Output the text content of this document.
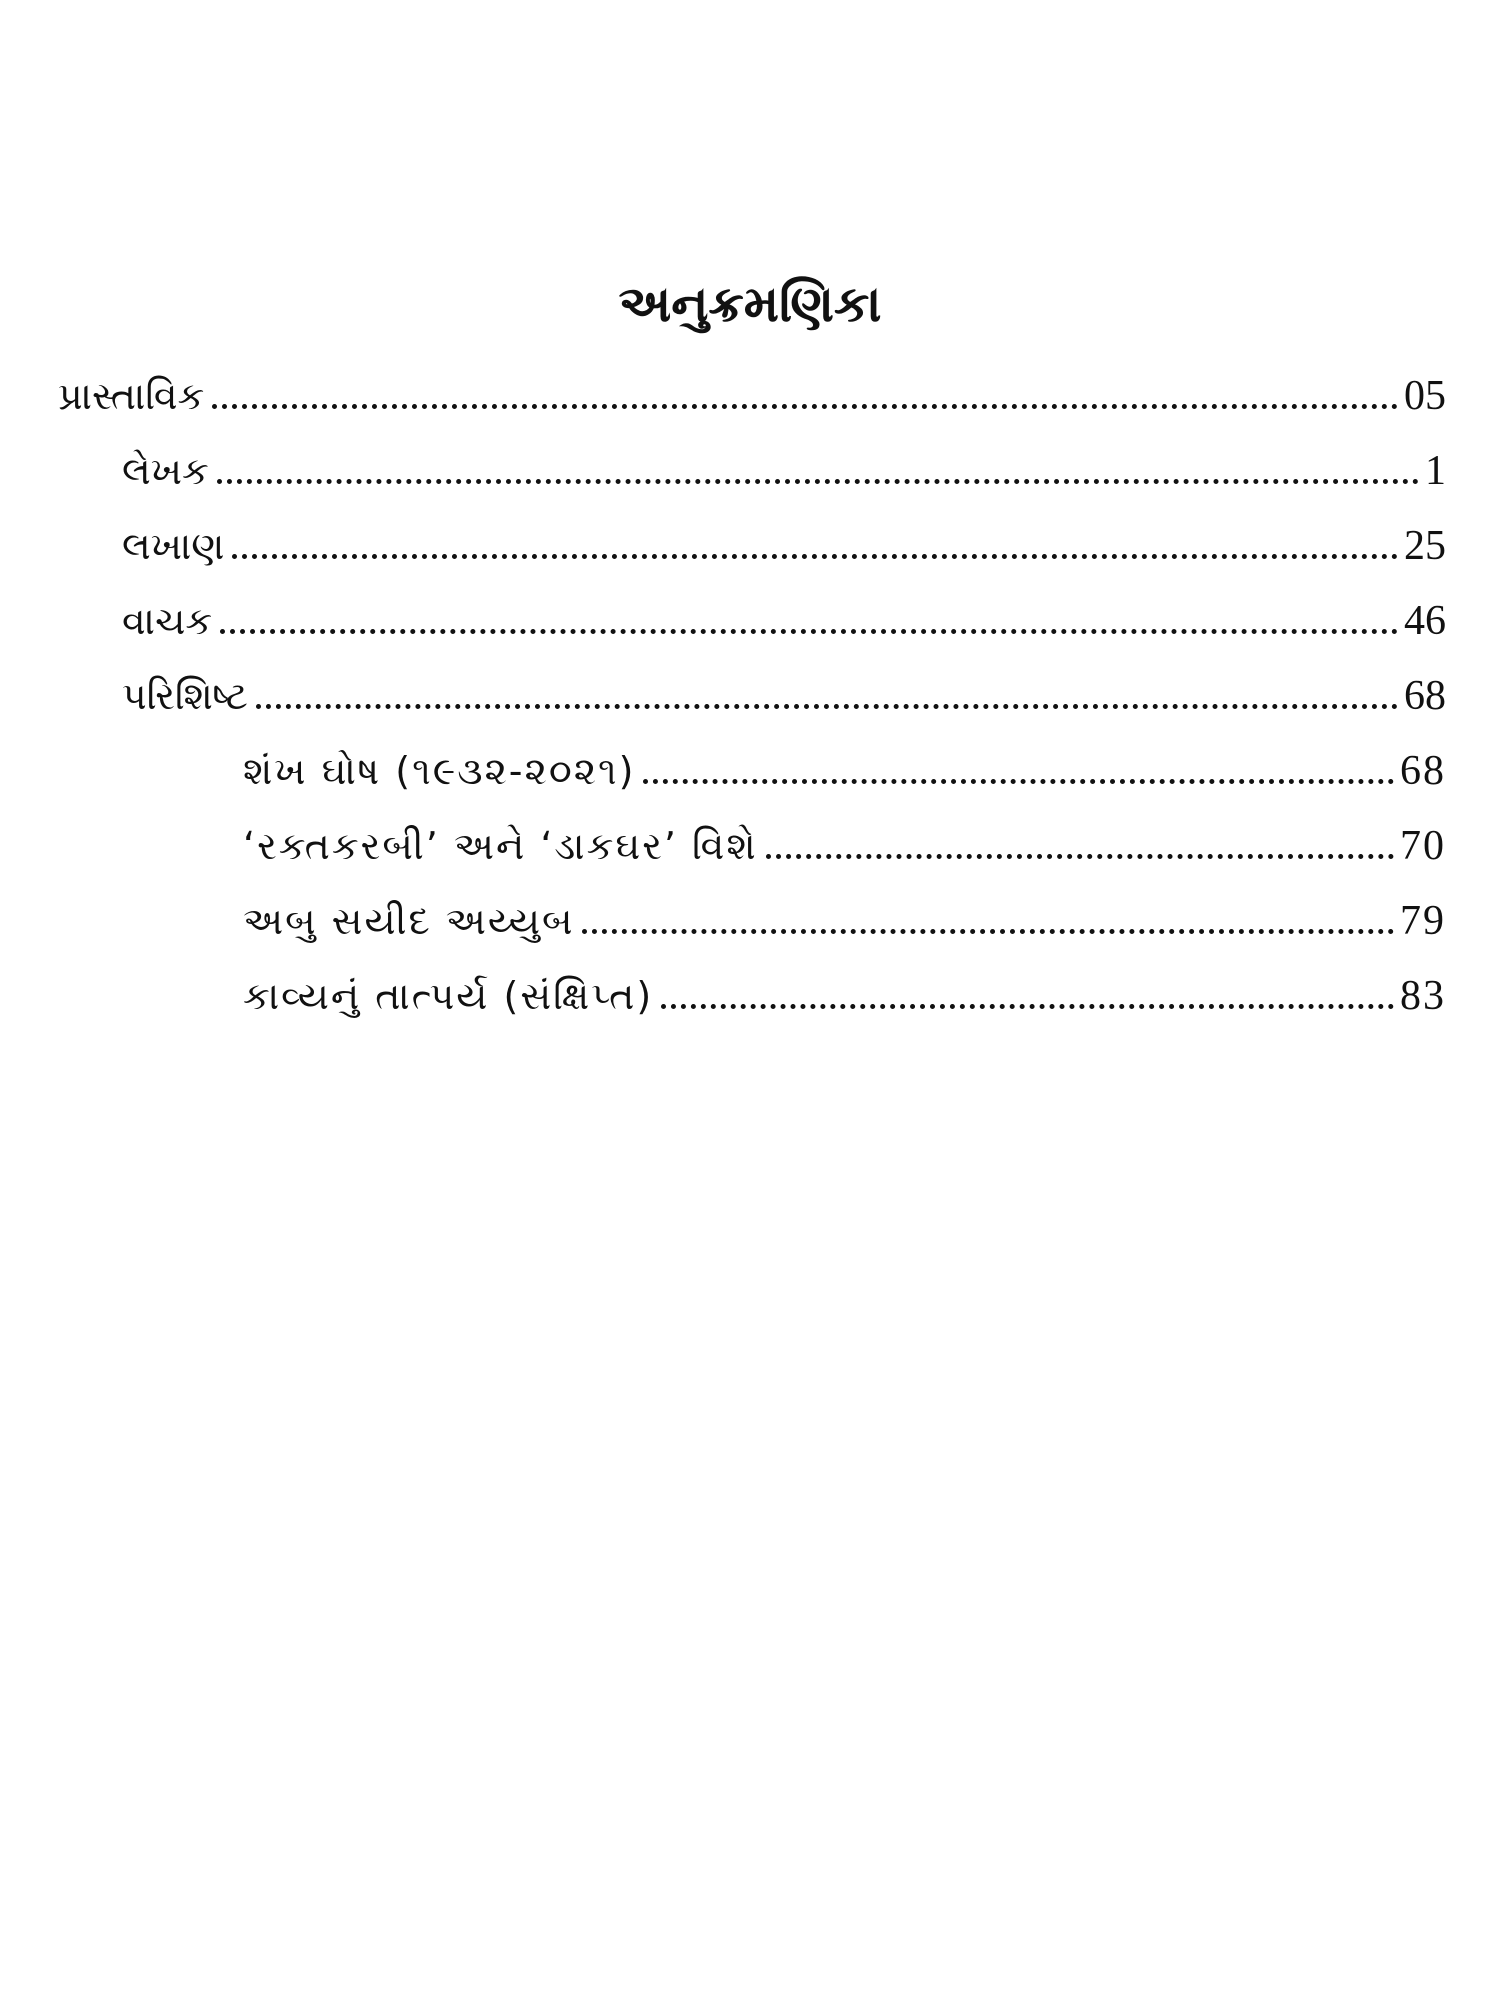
અનુક્રમણિકા
પ્રાસ્તાવિક	05
લેખક	1
લખાણ	25
વાચક	46
પરિશિષ્ટ	68
શંખ ઘોષ (૧૯૩૨-૨૦૨૧)	68
‘રક્તકરબી’ અને ‘ડાકઘર’ વિશે	70
અબુ સયીદ અય્યુબ	79
કાવ્યનું તાત્પર્ય (સંક્ષિપ્ત)	83
